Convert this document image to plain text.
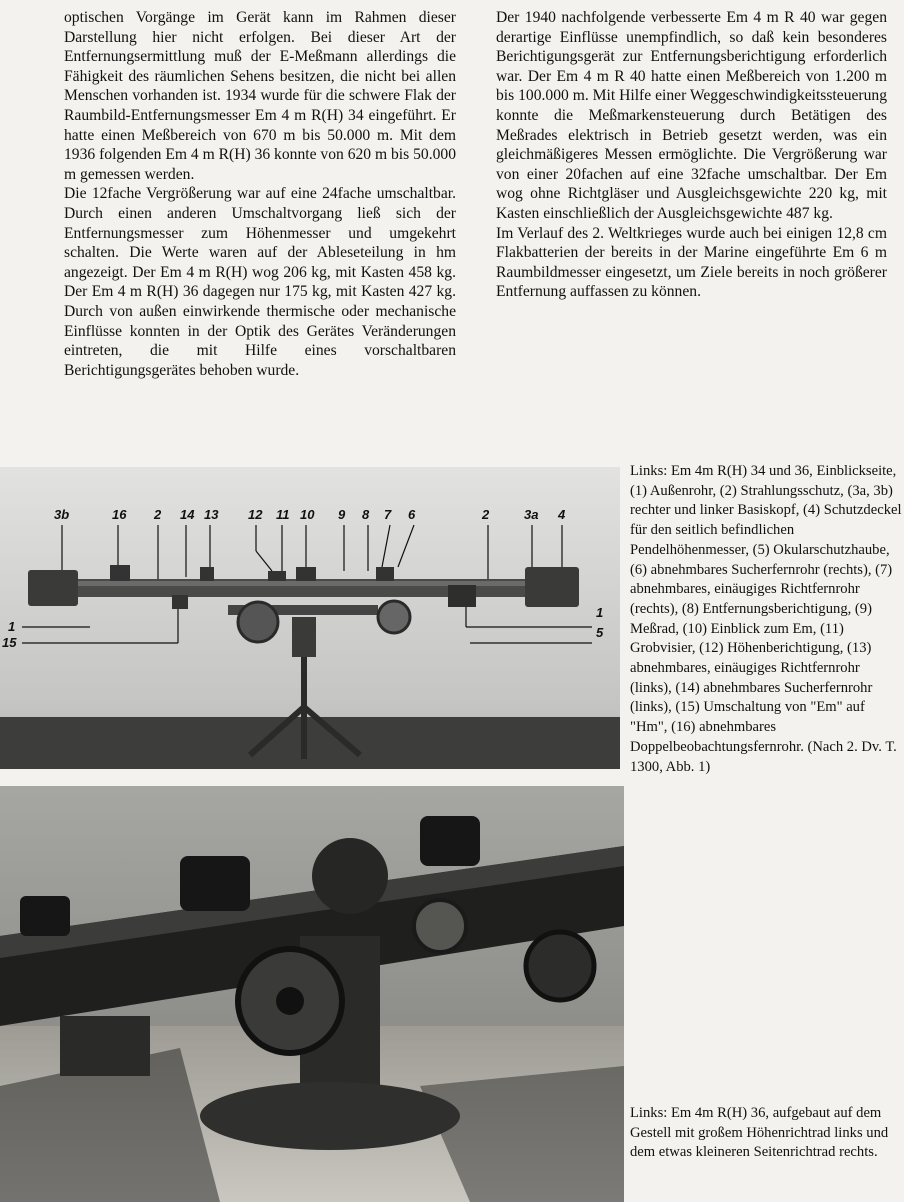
optischen Vorgänge im Gerät kann im Rahmen dieser Darstellung hier nicht erfolgen. Bei dieser Art der Entfernungsermittlung muß der E-Meßmann allerdings die Fähigkeit des räumlichen Sehens besitzen, die nicht bei allen Menschen vorhanden ist. 1934 wurde für die schwere Flak der Raumbild-Entfernungsmesser Em 4 m R(H) 34 eingeführt. Er hatte einen Meßbereich von 670 m bis 50.000 m. Mit dem 1936 folgenden Em 4 m R(H) 36 konnte von 620 m bis 50.000 m gemessen werden.

Die 12fache Vergrößerung war auf eine 24fache umschaltbar. Durch einen anderen Umschaltvorgang ließ sich der Entfernungsmesser zum Höhenmesser und umgekehrt schalten. Die Werte waren auf der Ableseteilung in hm angezeigt. Der Em 4 m R(H) wog 206 kg, mit Kasten 458 kg. Der Em 4 m R(H) 36 dagegen nur 175 kg, mit Kasten 427 kg. Durch von außen einwirkende thermische oder mechanische Einflüsse konnten in der Optik des Gerätes Veränderungen eintreten, die mit Hilfe eines vorschaltbaren Berichtigungsgerätes behoben wurde.

Der 1940 nachfolgende verbesserte Em 4 m R 40 war gegen derartige Einflüsse unempfindlich, so daß kein besonderes Berichtigungsgerät zur Entfernungsberichtigung erforderlich war. Der Em 4 m R 40 hatte einen Meßbereich von 1.200 m bis 100.000 m. Mit Hilfe einer Weggeschwindigkeitssteuerung konnte die Meßmarkensteuerung durch Betätigen des Meßrades elektrisch in Betrieb gesetzt werden, was ein gleichmäßigeres Messen ermöglichte. Die Vergrößerung war von einer 20fachen auf eine 32fache umschaltbar. Der Em wog ohne Richtgläser und Ausgleichsgewichte 220 kg, mit Kasten einschließlich der Ausgleichsgewichte 487 kg.

Im Verlauf des 2. Weltkrieges wurde auch bei einigen 12,8 cm Flakbatterien der bereits in der Marine eingeführte Em 6 m Raumbildmesser eingesetzt, um Ziele bereits in noch größerer Entfernung auffassen zu können.

3b	16 2 14 13 12 11 10 9 8 7 6	2	3a 4
1
15
1
5
Links: Em 4m R(H) 34 und 36, Einblickseite, (1) Außenrohr, (2) Strahlungsschutz, (3a, 3b) rechter und linker Basiskopf, (4) Schutzdeckel für den seitlich befindlichen Pendelhöhenmesser, (5) Okularschutzhaube, (6) abnehmbares Sucherfernrohr (rechts), (7) abnehmbares, einäugiges Richtfernrohr (rechts), (8) Entfernungsberichtigung, (9) Meßrad, (10) Einblick zum Em, (11) Grobvisier, (12) Höhenberichtigung, (13) abnehmbares, einäugiges Richtfernrohr (links), (14) abnehmbares Sucherfernrohr (links), (15) Umschaltung von "Em" auf "Hm", (16) abnehmbares Doppelbeobachtungsfernrohr. (Nach 2. Dv. T. 1300, Abb. 1)
Links: Em 4m R(H) 36, aufgebaut auf dem Gestell mit großem Höhenrichtrad links und dem etwas kleineren Seitenrichtrad rechts.
